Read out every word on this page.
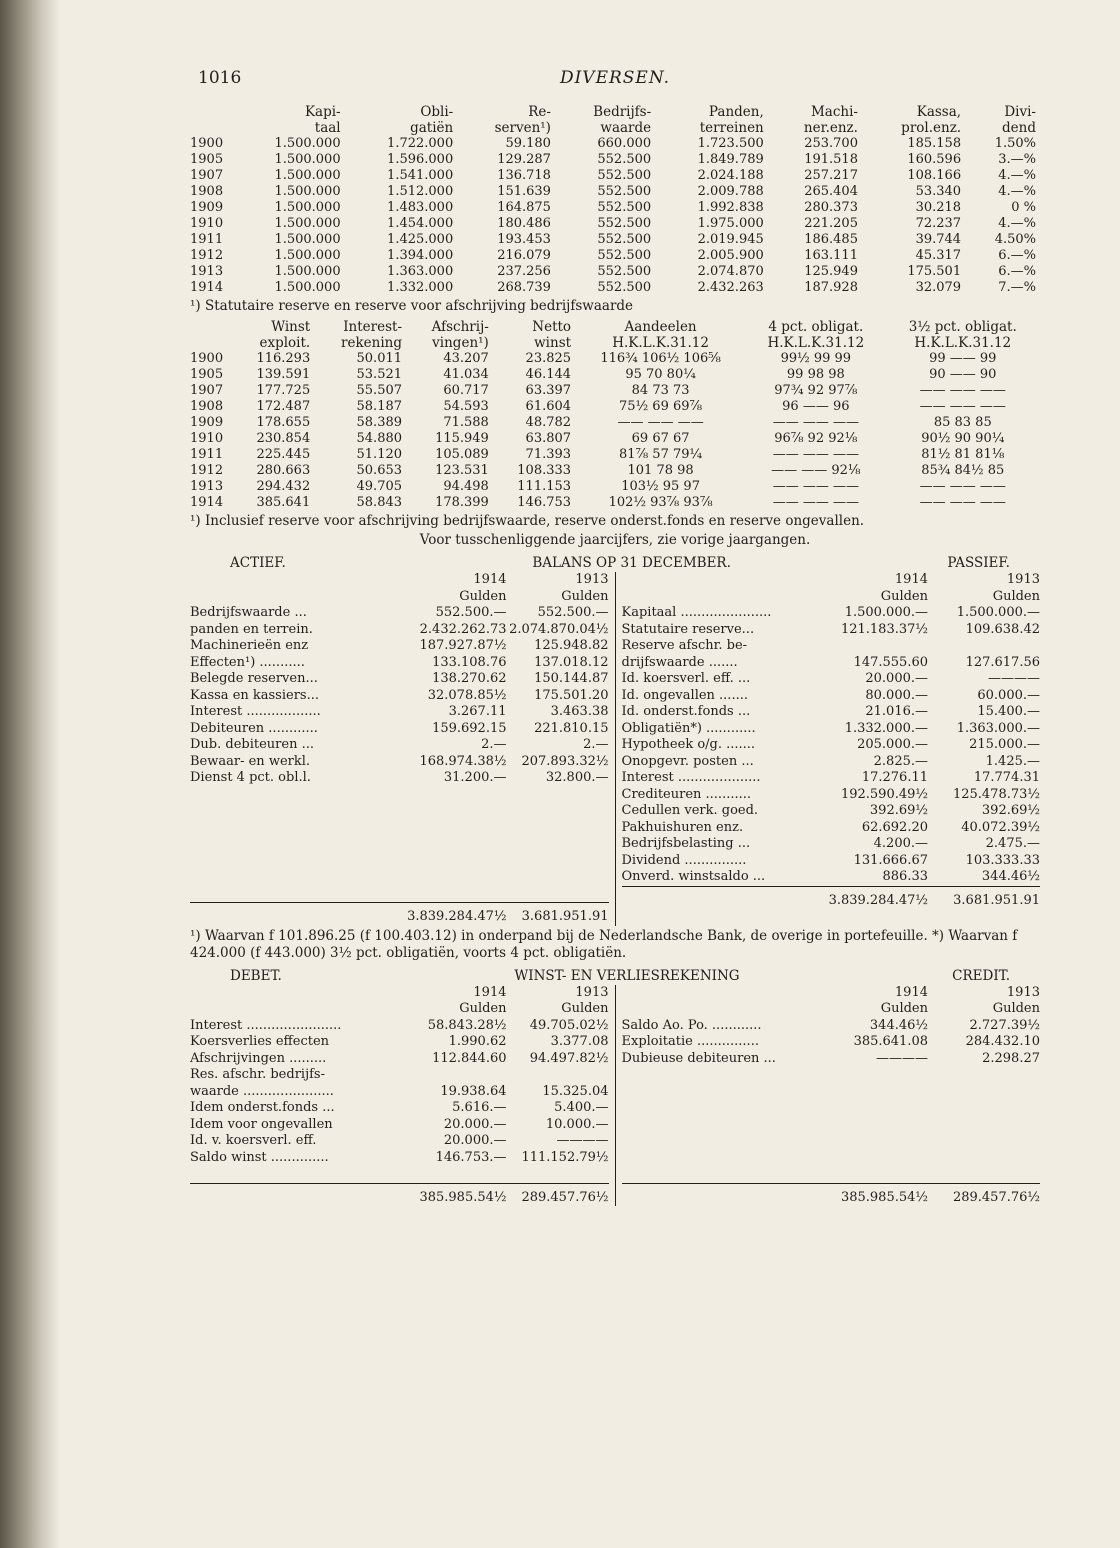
1016	DIVERSEN.
	Kapi-	Obli-	Re-	Bedrijfs-	Panden,	Machi-	Kassa,	Divi-
	taal	gatiën	serven¹)	waarde	terreinen	ner.enz.	prol.enz.	dend
1900	1.500.000	1.722.000	59.180	660.000	1.723.500	253.700	185.158	1.50%
1905	1.500.000	1.596.000	129.287	552.500	1.849.789	191.518	160.596	3.—%
1907	1.500.000	1.541.000	136.718	552.500	2.024.188	257.217	108.166	4.—%
1908	1.500.000	1.512.000	151.639	552.500	2.009.788	265.404	53.340	4.—%
1909	1.500.000	1.483.000	164.875	552.500	1.992.838	280.373	30.218	0 %
1910	1.500.000	1.454.000	180.486	552.500	1.975.000	221.205	72.237	4.—%
1911	1.500.000	1.425.000	193.453	552.500	2.019.945	186.485	39.744	4.50%
1912	1.500.000	1.394.000	216.079	552.500	2.005.900	163.111	45.317	6.—%
1913	1.500.000	1.363.000	237.256	552.500	2.074.870	125.949	175.501	6.—%
1914	1.500.000	1.332.000	268.739	552.500	2.432.263	187.928	32.079	7.—%

¹) Statutaire reserve en reserve voor afschrijving bedrijfswaarde

	Winst	Interest-	Afschrij-	Netto	Aandeelen	4 pct. obligat.	3½ pct. obligat.
	exploit.	rekening	vingen¹)	winst	H.K.L.K.31.12	H.K.L.K.31.12	H.K.L.K.31.12
1900	116.293	50.011	43.207	23.825	116¾ 106½ 106⅝	99½ 99 99	99 —— 99
1905	139.591	53.521	41.034	46.144	95 70 80¼	99 98 98	90 —— 90
1907	177.725	55.507	60.717	63.397	84 73 73	97¾ 92 97⅞	—— —— ——
1908	172.487	58.187	54.593	61.604	75½ 69 69⅞	96 —— 96	—— —— ——
1909	178.655	58.389	71.588	48.782	—— —— ——	—— —— ——	85 83 85
1910	230.854	54.880	115.949	63.807	69 67 67	96⅞ 92 92⅛	90½ 90 90¼
1911	225.445	51.120	105.089	71.393	81⅞ 57 79¼	—— —— ——	81½ 81 81⅛
1912	280.663	50.653	123.531	108.333	101 78 98	—— —— 92⅛	85¾ 84½ 85
1913	294.432	49.705	94.498	111.153	103½ 95 97	—— —— ——	—— —— ——
1914	385.641	58.843	178.399	146.753	102½ 93⅞ 93⅞	—— —— ——	—— —— ——

¹) Inclusief reserve voor afschrijving bedrijfswaarde, reserve onderst.fonds en reserve ongevallen.

Voor tusschenliggende jaarcijfers, zie vorige jaargangen.

ACTIEF.	BALANS OP 31 DECEMBER.	PASSIEF.
1914	1913
Gulden	Gulden
Bedrijfswaarde ...	552.500.—	552.500.—
panden en terrein.	2.432.262.73 2.074.870.04½
Machinerieën enz	187.927.87½	125.948.82
Effecten¹) ...........	133.108.76	137.018.12
Belegde reserven...	138.270.62	150.144.87
Kassa en kassiers...	32.078.85½	175.501.20
Interest ..................	3.267.11	3.463.38
Debiteuren ............	159.692.15	221.810.15
Dub. debiteuren ...	2.—	2.—
Bewaar- en werkl.	168.974.38½	207.893.32½
Dienst 4 pct. obl.l.	31.200.—	32.800.—
3.839.284.47½	3.681.951.91
1914	1913
Gulden	Gulden
Kapitaal ......................	1.500.000.—	1.500.000.—
Statutaire reserve...	121.183.37½	109.638.42
Reserve afschr. be-
drijfswaarde .......	147.555.60	127.617.56
Id. koersverl. eff. ...	20.000.—	————
Id. ongevallen .......	80.000.—	60.000.—
Id. onderst.fonds ...	21.016.—	15.400.—
Obligatiën*) ............	1.332.000.—	1.363.000.—
Hypotheek o/g. .......	205.000.—	215.000.—
Onopgevr. posten ...	2.825.—	1.425.—
Interest ....................	17.276.11	17.774.31
Crediteuren ...........	192.590.49½	125.478.73½
Cedullen verk. goed.	392.69½	392.69½
Pakhuishuren enz.	62.692.20	40.072.39½
Bedrijfsbelasting ...	4.200.—	2.475.—
Dividend ...............	131.666.67	103.333.33
Onverd. winstsaldo ...	886.33	344.46½
3.839.284.47½	3.681.951.91

¹) Waarvan f 101.896.25 (f 100.403.12) in onderpand bij de Nederlandsche Bank, de overige in portefeuille. *) Waarvan f 424.000 (f 443.000) 3½ pct. obligatiën, voorts 4 pct. obligatiën.

DEBET.	WINST- EN VERLIESREKENING	CREDIT.
1914	1913
Gulden	Gulden
Interest .......................	58.843.28½	49.705.02½
Koersverlies effecten	1.990.62	3.377.08
Afschrijvingen .........	112.844.60	94.497.82½
Res. afschr. bedrijfs-
waarde ......................	19.938.64	15.325.04
Idem onderst.fonds ...	5.616.—	5.400.—
Idem voor ongevallen	20.000.—	10.000.—
Id. v. koersverl. eff.	20.000.—	————
Saldo winst ..............	146.753.—	111.152.79½
385.985.54½	289.457.76½
1914	1913
Gulden	Gulden
Saldo Ao. Po. ............	344.46½	2.727.39½
Exploitatie ...............	385.641.08	284.432.10
Dubieuse debiteuren ...	————	2.298.27
385.985.54½	289.457.76½
